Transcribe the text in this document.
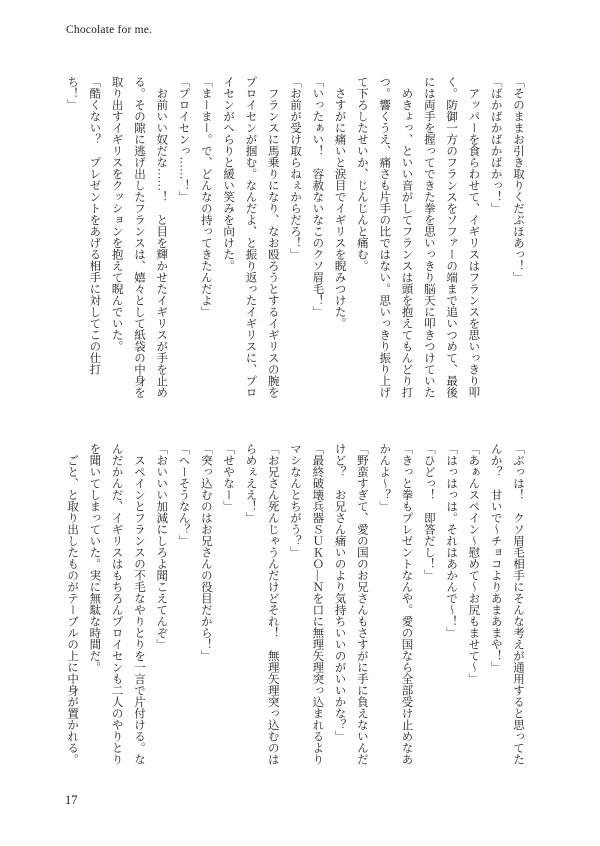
Chocolate for me.
「そのままお引き取りくだぶほあっ！」
「ばかばかばかばかっ！」
　アッパーを食らわせて、イギリスはフランスを思いっきり叩
く。防御一方のフランスをソファーの端まで追いつめて、最後
には両手を握ってできた拳を思いっきり脳天に叩きつけていた
　めきょっ、といい音がしてフランスは頭を抱えてもんどり打
つ。響くうえ、痛さも片手の比ではない。思いっきり振り上げ
て下ろしたせいか、じんじんと痛む。
　さすがに痛いと涙目でイギリスを睨みつけた。
「いったぁい！　容赦ないなこのクソ眉毛！」
「お前が受け取らねぇからだろ！」
　フランスに馬乗りになり、なお殴ろうとするイギリスの腕を
プロイセンが掴む。なんだよ、と振り返ったイギリスに、プロ
イセンがへらりと緩い笑みを向けた。
「まーまー。で、どんなの持ってきたんだよ」
「プロイセンっ……！」
　お前いい奴だな……！　と目を輝かせたイギリスが手を止め
る。その隙に逃げ出したフランスは、嬉々として紙袋の中身を
取り出すイギリスをクッションを抱えて睨んでいた。
「酷くない？　プレゼントをあげる相手に対してこの仕打
ち！」
「ぶっは！　クソ眉毛相手にそんな考えが通用すると思ってた
んか？　甘いで〜チョコよりあまあまや！」
「あぁんスペイン〜慰めて〜お尻もませて〜」
「はっはっは。それはあかんで〜！」
「ひどっ！　即答だし！」
「きっと拳もプレゼントなんや。愛の国なら全部受け止めなあ
かんよ〜？」
「野蛮すぎて、愛の国のお兄さんもさすがに手に負えないんだ
けど？　お兄さん痛いのより気持ちいいのがいいかな？」
「最終破壊兵器ＳＵＫＯ―Ｎを口に無理矢理突っ込まれるより
マシなんとちがう？」
「お兄さん死んじゃうんだけどそれ！　無理矢理突っ込むのは
らめぇええ！」
「せやなー」
「突っ込むのはお兄さんの役目だから！」
「へーそうなん？」
「おいいい加減にしろよ聞こえてんぞ」
　スペインとフランスの不毛なやりとりを一言で片付ける。な
んだかんだ、イギリスはもちろんプロイセンも二人のやりとり
を聞いてしまっていた。実に無駄な時間だ。
　ごと、と取り出したものがテーブルの上に中身が置かれる。
17
